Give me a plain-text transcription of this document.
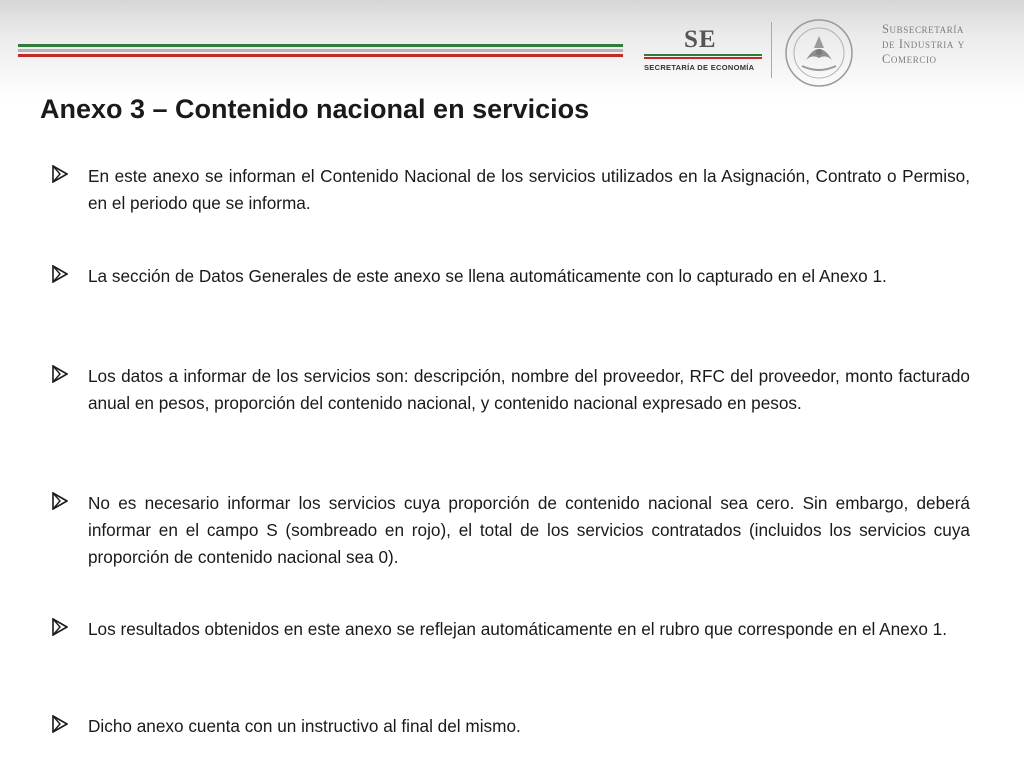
SE
SECRETARÍA DE ECONOMÍA
Subsecretaría
de Industria y
Comercio
Anexo 3 – Contenido nacional en servicios
En este anexo se informan el Contenido Nacional de los servicios utilizados en la Asignación, Contrato o Permiso, en el periodo que se informa.
La sección de Datos Generales de este anexo se llena automáticamente con lo capturado en el Anexo 1.
Los datos a informar de los servicios son: descripción, nombre del proveedor, RFC del proveedor, monto facturado anual en pesos, proporción del contenido nacional, y contenido nacional expresado en pesos.
No es necesario informar los servicios cuya proporción de contenido nacional sea cero. Sin embargo, deberá informar en el campo S (sombreado en rojo), el total de los servicios contratados (incluidos los servicios cuya proporción de contenido nacional sea 0).
Los resultados obtenidos en este anexo se reflejan automáticamente en el rubro que corresponde en el Anexo 1.
Dicho anexo cuenta con un instructivo al final del mismo.
